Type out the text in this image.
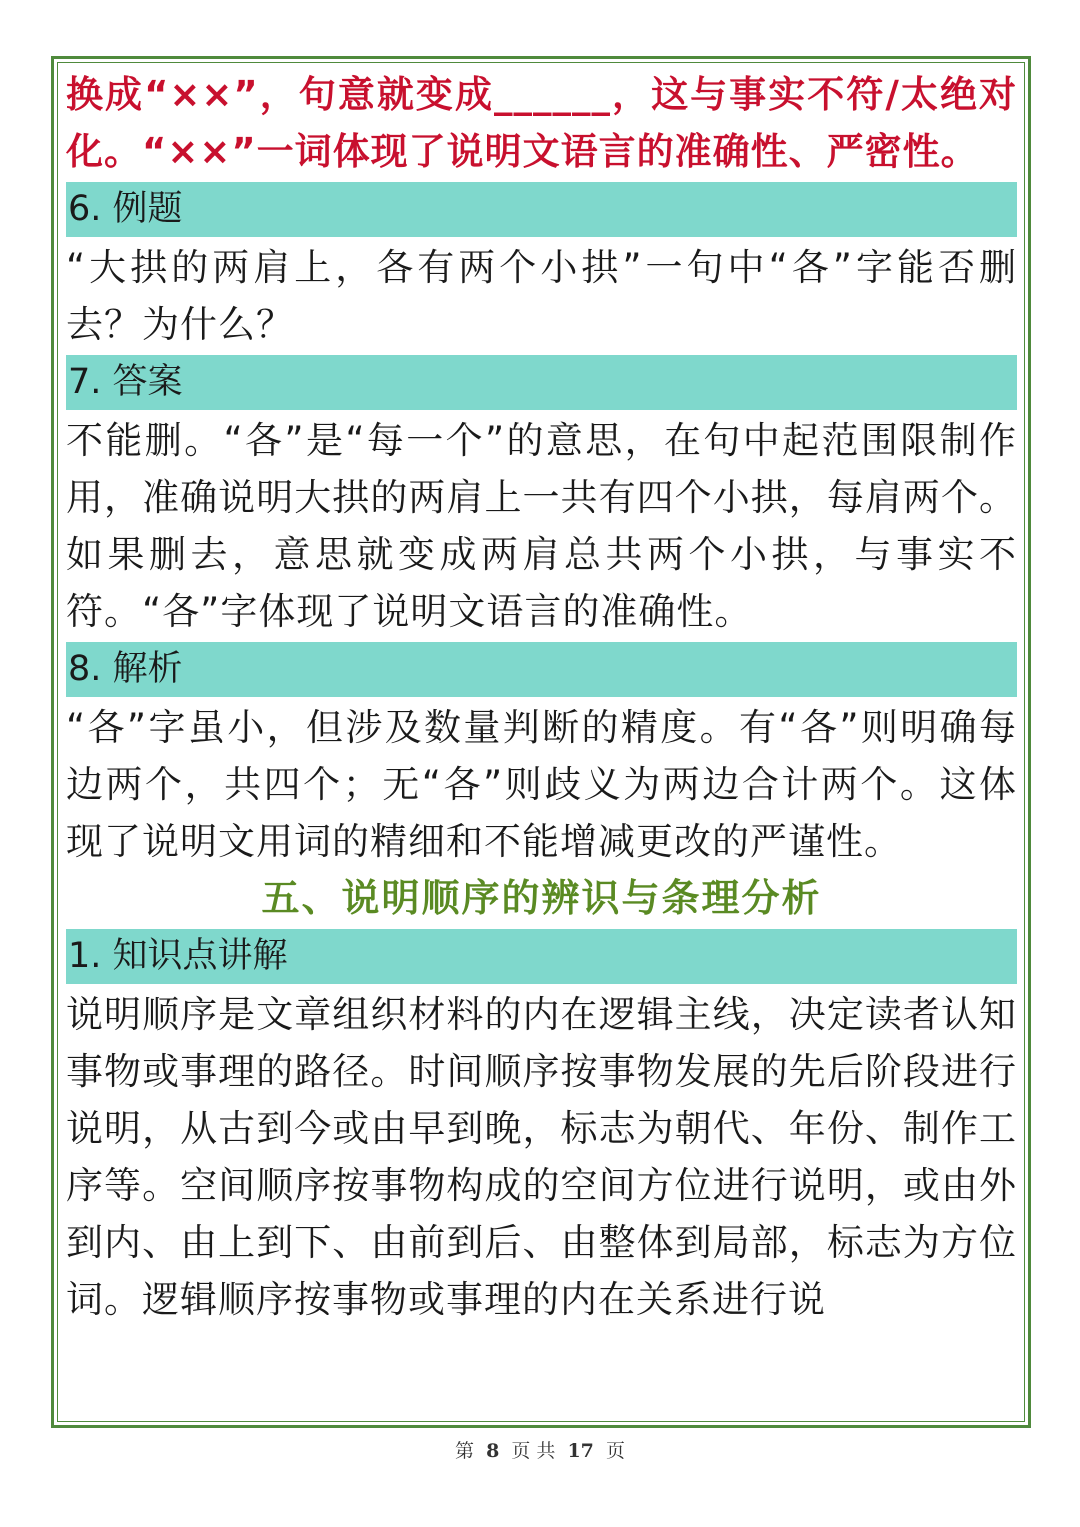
换成“××”，句意就变成______，这与事实不符/太绝对化。“××”一词体现了说明文语言的准确性、严密性。

6. 例题

“大拱的两肩上，各有两个小拱”一句中“各”字能否删去？为什么？

7. 答案

不能删。“各”是“每一个”的意思，在句中起范围限制作用，准确说明大拱的两肩上一共有四个小拱，每肩两个。如果删去，意思就变成两肩总共两个小拱，与事实不符。“各”字体现了说明文语言的准确性。

8. 解析

“各”字虽小，但涉及数量判断的精度。有“各”则明确每边两个，共四个；无“各”则歧义为两边合计两个。这体现了说明文用词的精细和不能增减更改的严谨性。

五、说明顺序的辨识与条理分析
1. 知识点讲解

说明顺序是文章组织材料的内在逻辑主线，决定读者认知事物或事理的路径。时间顺序按事物发展的先后阶段进行说明，从古到今或由早到晚，标志为朝代、年份、制作工序等。空间顺序按事物构成的空间方位进行说明，或由外到内、由上到下、由前到后、由整体到局部，标志为方位词。逻辑顺序按事物或事理的内在关系进行说

第 8 页 共 17 页
